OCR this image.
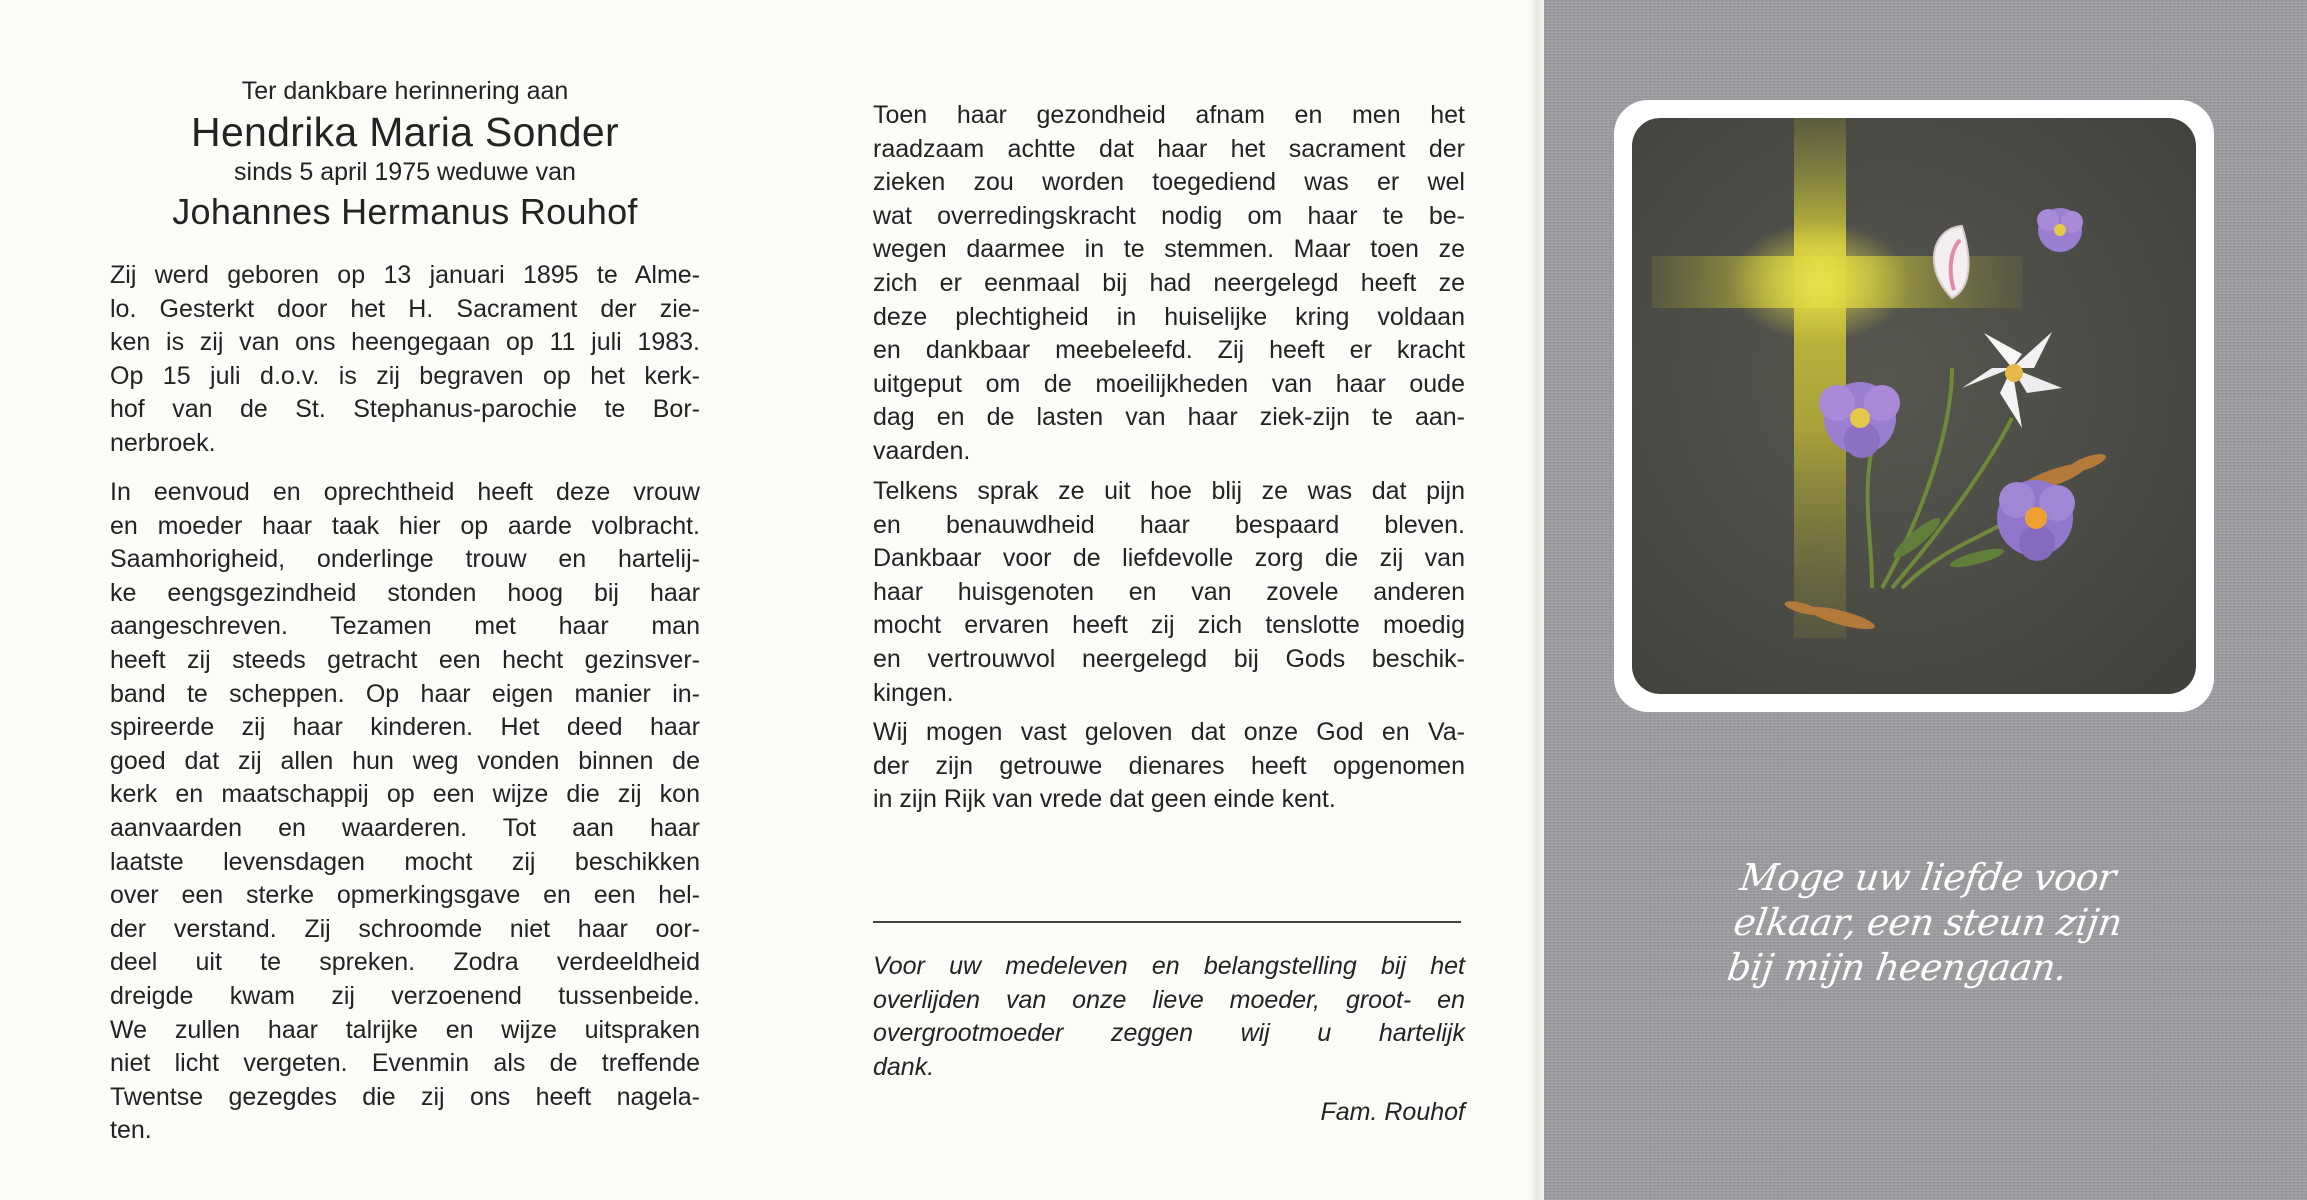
Ter dankbare herinnering aan

Hendrika Maria Sonder

sinds 5 april 1975 weduwe van

Johannes Hermanus Rouhof

Zij werd geboren op 13 januari 1895 te Alme-
lo. Gesterkt door het H. Sacrament der zie-
ken is zij van ons heengegaan op 11 juli 1983.
Op 15 juli d.o.v. is zij begraven op het kerk-
hof van de St. Stephanus-parochie te Bor-
nerbroek.

In eenvoud en oprechtheid heeft deze vrouw
en moeder haar taak hier op aarde volbracht.
Saamhorigheid, onderlinge trouw en hartelij-
ke eengsgezindheid stonden hoog bij haar
aangeschreven. Tezamen met haar man
heeft zij steeds getracht een hecht gezinsver-
band te scheppen. Op haar eigen manier in-
spireerde zij haar kinderen. Het deed haar
goed dat zij allen hun weg vonden binnen de
kerk en maatschappij op een wijze die zij kon
aanvaarden en waarderen. Tot aan haar
laatste levensdagen mocht zij beschikken
over een sterke opmerkingsgave en een hel-
der verstand. Zij schroomde niet haar oor-
deel uit te spreken. Zodra verdeeldheid
dreigde kwam zij verzoenend tussenbeide.
We zullen haar talrijke en wijze uitspraken
niet licht vergeten. Evenmin als de treffende
Twentse gezegdes die zij ons heeft nagela-
ten.

Toen haar gezondheid afnam en men het
raadzaam achtte dat haar het sacrament der
zieken zou worden toegediend was er wel
wat overredingskracht nodig om haar te be-
wegen daarmee in te stemmen. Maar toen ze
zich er eenmaal bij had neergelegd heeft ze
deze plechtigheid in huiselijke kring voldaan
en dankbaar meebeleefd. Zij heeft er kracht
uitgeput om de moeilijkheden van haar oude
dag en de lasten van haar ziek-zijn te aan-
vaarden.

Telkens sprak ze uit hoe blij ze was dat pijn
en benauwdheid haar bespaard bleven.
Dankbaar voor de liefdevolle zorg die zij van
haar huisgenoten en van zovele anderen
mocht ervaren heeft zij zich tenslotte moedig
en vertrouwvol neergelegd bij Gods beschik-
kingen.

Wij mogen vast geloven dat onze God en Va-
der zijn getrouwe dienares heeft opgenomen
in zijn Rijk van vrede dat geen einde kent.

Voor uw medeleven en belangstelling bij het
overlijden van onze lieve moeder, groot- en
overgrootmoeder zeggen wij u hartelijk
dank.

Fam. Rouhof
Moge uw liefde voor
elkaar, een steun zijn
bij mijn heengaan.
